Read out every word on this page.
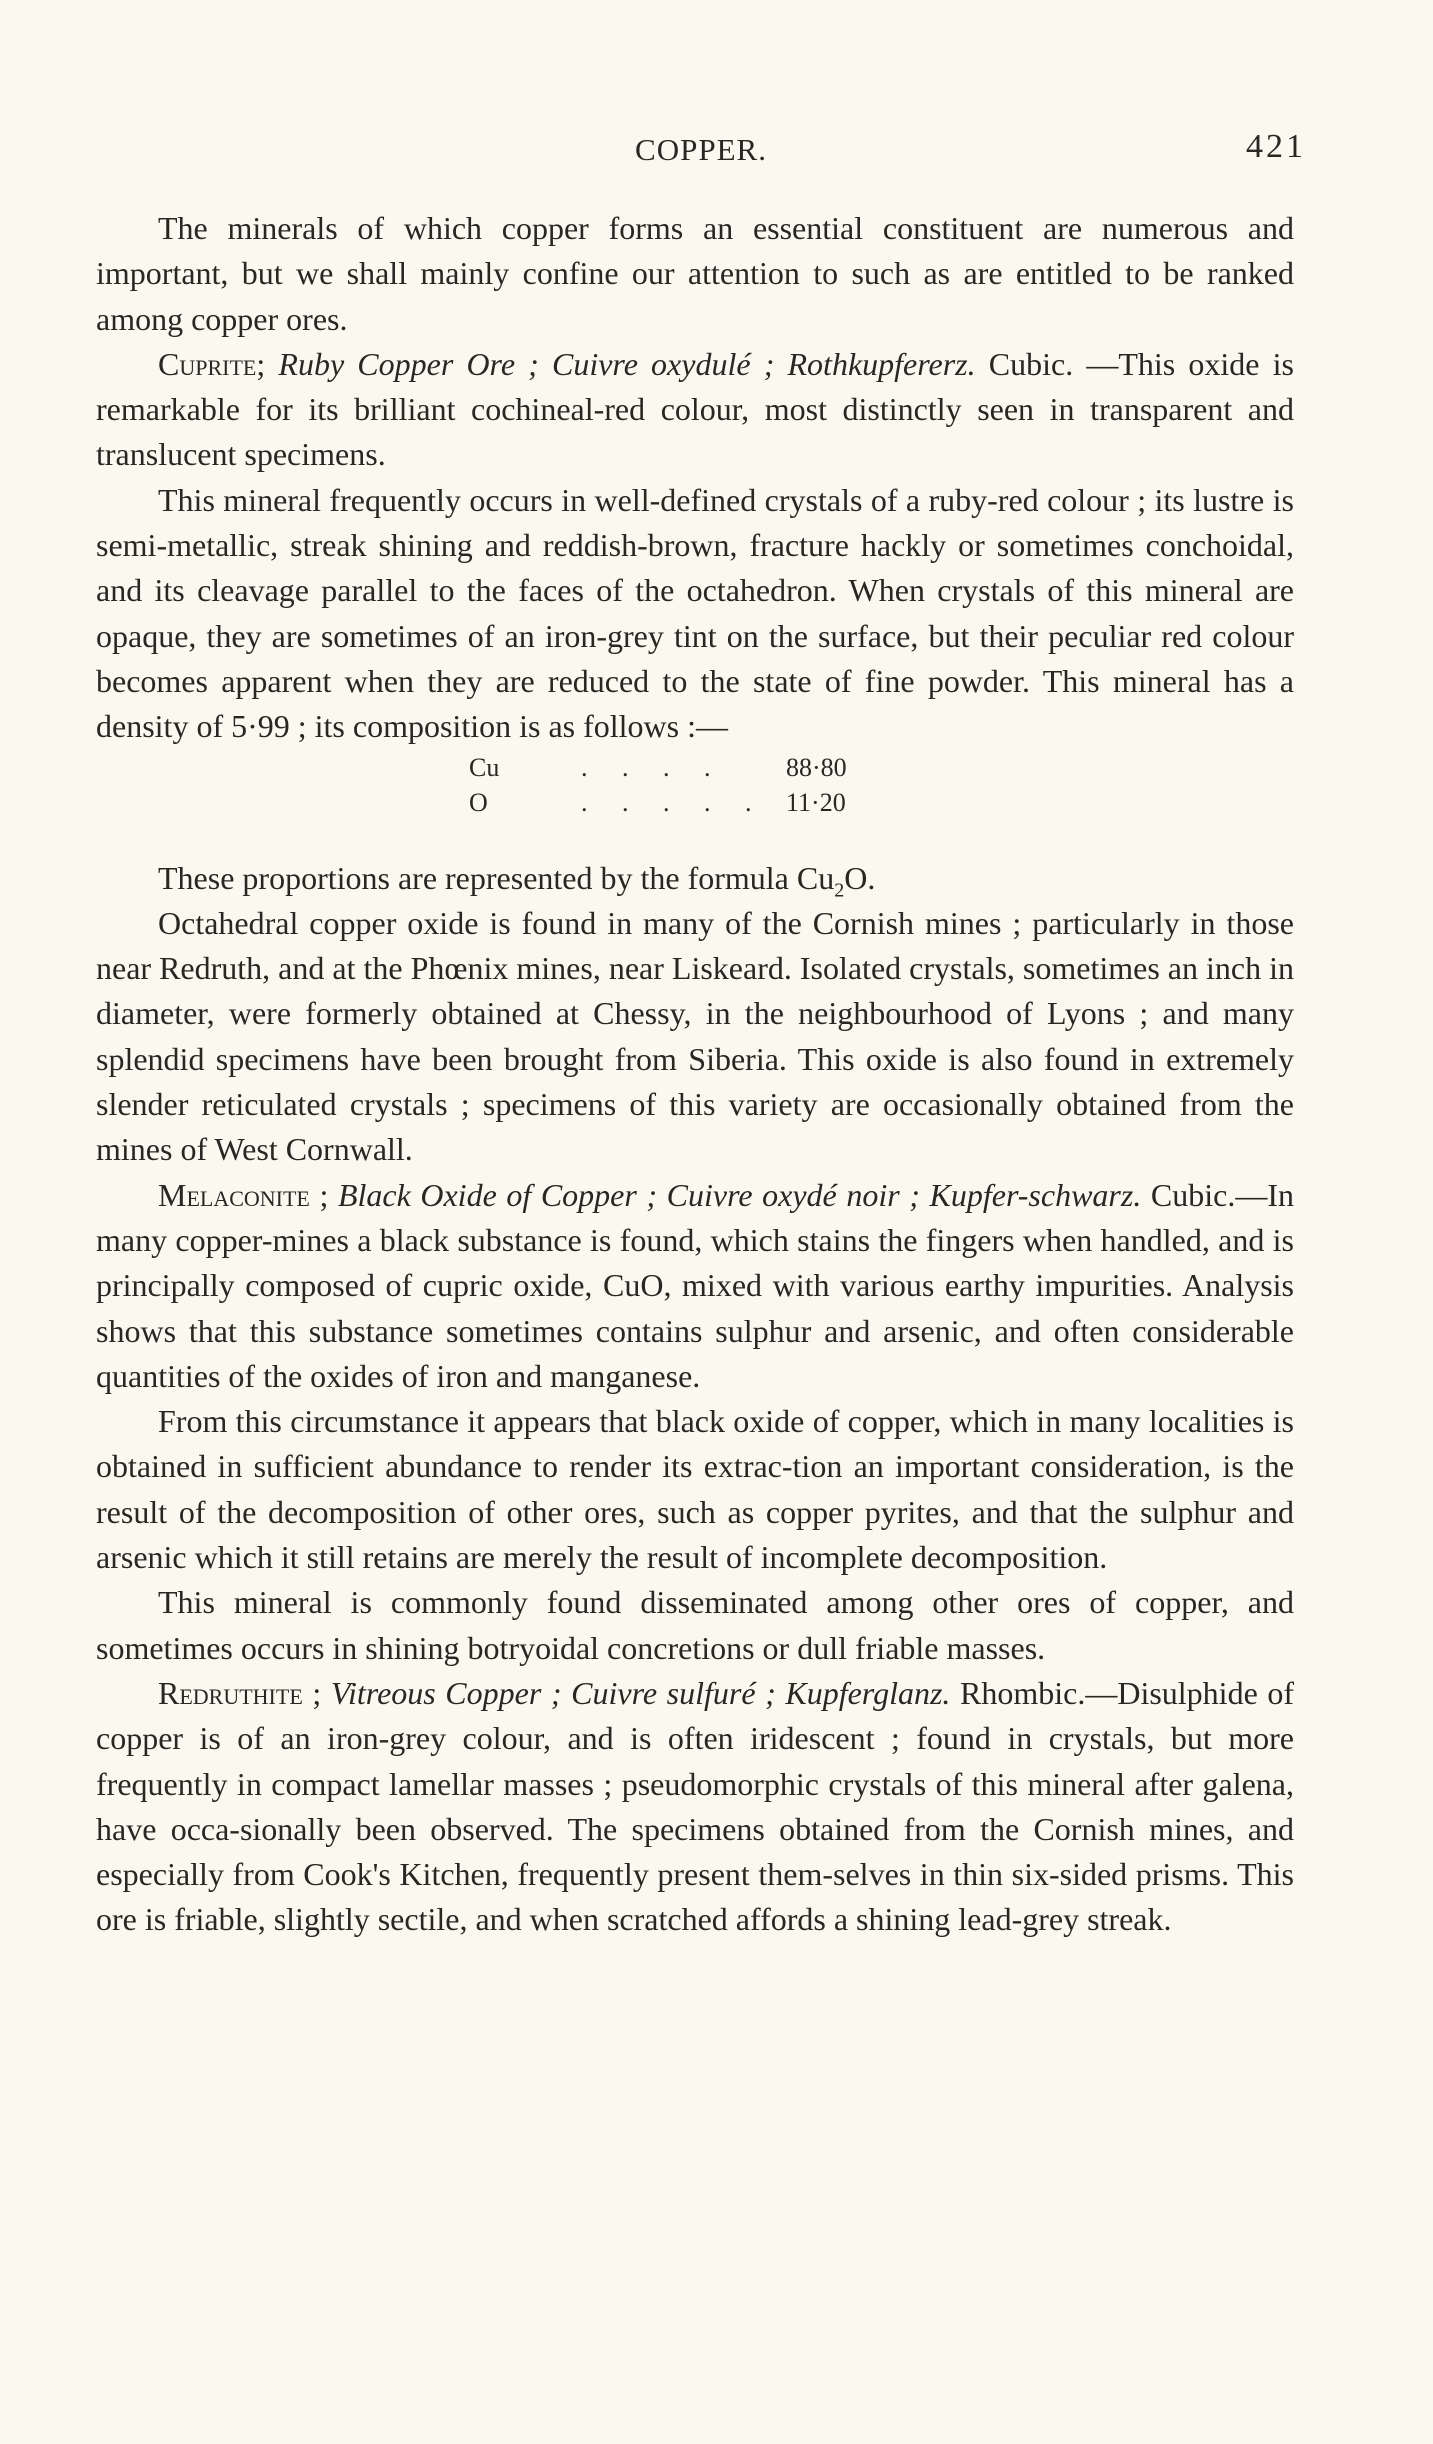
COPPER.	421

The minerals of which copper forms an essential constituent are numerous and important, but we shall mainly confine our attention to such as are entitled to be ranked among copper ores.

Cuprite; Ruby Copper Ore ; Cuivre oxydulé ; Rothkupfererz. Cubic. —This oxide is remarkable for its brilliant cochineal-red colour, most distinctly seen in transparent and translucent specimens.

This mineral frequently occurs in well-defined crystals of a ruby-red colour ; its lustre is semi-metallic, streak shining and reddish-brown, fracture hackly or sometimes conchoidal, and its cleavage parallel to the faces of the octahedron. When crystals of this mineral are opaque, they are sometimes of an iron-grey tint on the surface, but their peculiar red colour becomes apparent when they are reduced to the state of fine powder. This mineral has a density of 5·99 ; its composition is as follows :—

Cu	. . . .	88·80
O	. . . . . 11·20

These proportions are represented by the formula $Cu_2O$.

Octahedral copper oxide is found in many of the Cornish mines ; particularly in those near Redruth, and at the Phœnix mines, near Liskeard. Isolated crystals, sometimes an inch in diameter, were formerly obtained at Chessy, in the neighbourhood of Lyons ; and many splendid specimens have been brought from Siberia. This oxide is also found in extremely slender reticulated crystals ; specimens of this variety are occasionally obtained from the mines of West Cornwall.

Melaconite ; Black Oxide of Copper ; Cuivre oxydé noir ; Kupfer-schwarz. Cubic.—In many copper-mines a black substance is found, which stains the fingers when handled, and is principally composed of cupric oxide, CuO, mixed with various earthy impurities. Analysis shows that this substance sometimes contains sulphur and arsenic, and often considerable quantities of the oxides of iron and manganese.

From this circumstance it appears that black oxide of copper, which in many localities is obtained in sufficient abundance to render its extrac-tion an important consideration, is the result of the decomposition of other ores, such as copper pyrites, and that the sulphur and arsenic which it still retains are merely the result of incomplete decomposition.

This mineral is commonly found disseminated among other ores of copper, and sometimes occurs in shining botryoidal concretions or dull friable masses.

Redruthite ; Vitreous Copper ; Cuivre sulfuré ; Kupferglanz. Rhombic.—Disulphide of copper is of an iron-grey colour, and is often iridescent ; found in crystals, but more frequently in compact lamellar masses ; pseudomorphic crystals of this mineral after galena, have occa-sionally been observed. The specimens obtained from the Cornish mines, and especially from Cook's Kitchen, frequently present them-selves in thin six-sided prisms. This ore is friable, slightly sectile, and when scratched affords a shining lead-grey streak.
